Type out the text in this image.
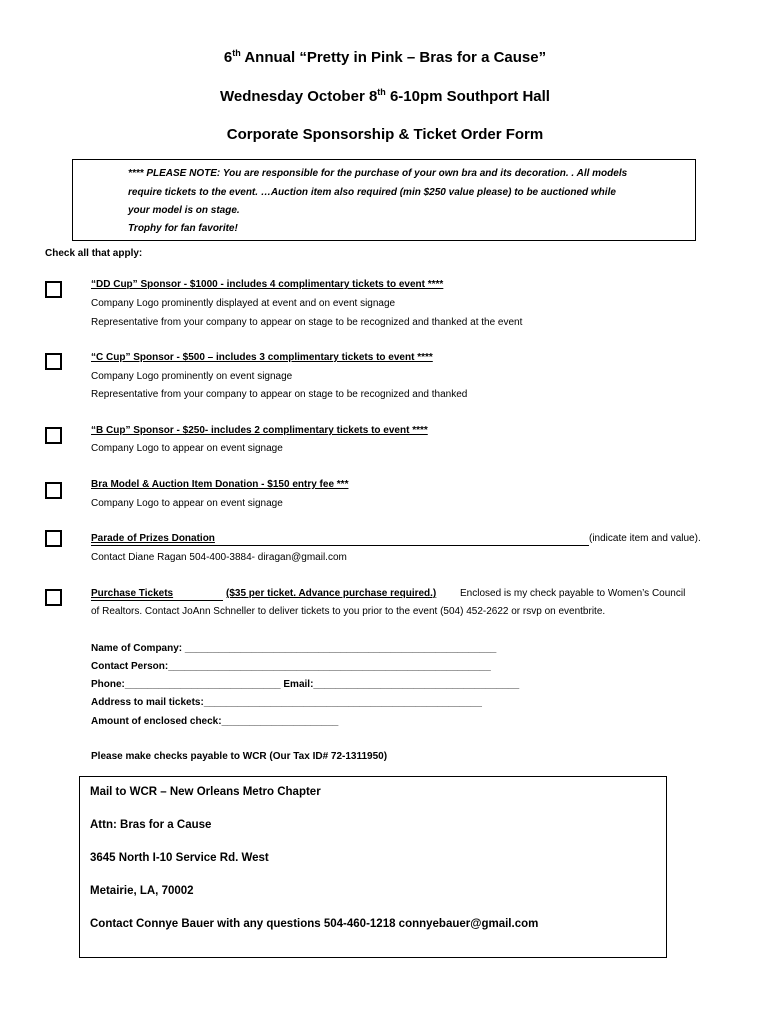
6th Annual “Pretty in Pink – Bras for a Cause”
Wednesday October 8th 6-10pm Southport Hall
Corporate Sponsorship & Ticket Order Form
**** PLEASE NOTE: You are responsible for the purchase of your own bra and its decoration. . All models
require tickets to the event. …Auction item also required (min $250 value please) to be auctioned while
your model is on stage.
Trophy for fan favorite!
Check all that apply:
“DD Cup” Sponsor - $1000 - includes 4 complimentary tickets to event ****
Company Logo prominently displayed at event and on event signage
Representative from your company to appear on stage to be recognized and thanked at the event
“C Cup” Sponsor - $500 – includes 3 complimentary tickets to event ****
Company Logo prominently on event signage
Representative from your company to appear on stage to be recognized and thanked
“B Cup” Sponsor - $250- includes 2 complimentary tickets to event ****
Company Logo to appear on event signage
Bra Model & Auction Item Donation - $150 entry fee ***
Company Logo to appear on event signage
Parade of Prizes Donation	(indicate item and value).
Contact Diane Ragan 504-400-3884- diragan@gmail.com
Purchase Tickets	($35 per ticket. Advance purchase required.) Enclosed is my check payable to Women’s Council
of Realtors. Contact JoAnn Schneller to deliver tickets to you prior to the event (504) 452-2622 or rsvp on eventbrite.
Name of Company: ________________________________________________________
Contact Person:__________________________________________________________
Phone:____________________________ Email:_____________________________________
Address to mail tickets:__________________________________________________
Amount of enclosed check:_____________________
Please make checks payable to WCR (Our Tax ID# 72-1311950)
Mail to WCR – New Orleans Metro Chapter
Attn: Bras for a Cause
3645 North I-10 Service Rd. West
Metairie, LA, 70002
Contact Connye Bauer with any questions 504-460-1218 connyebauer@gmail.com
